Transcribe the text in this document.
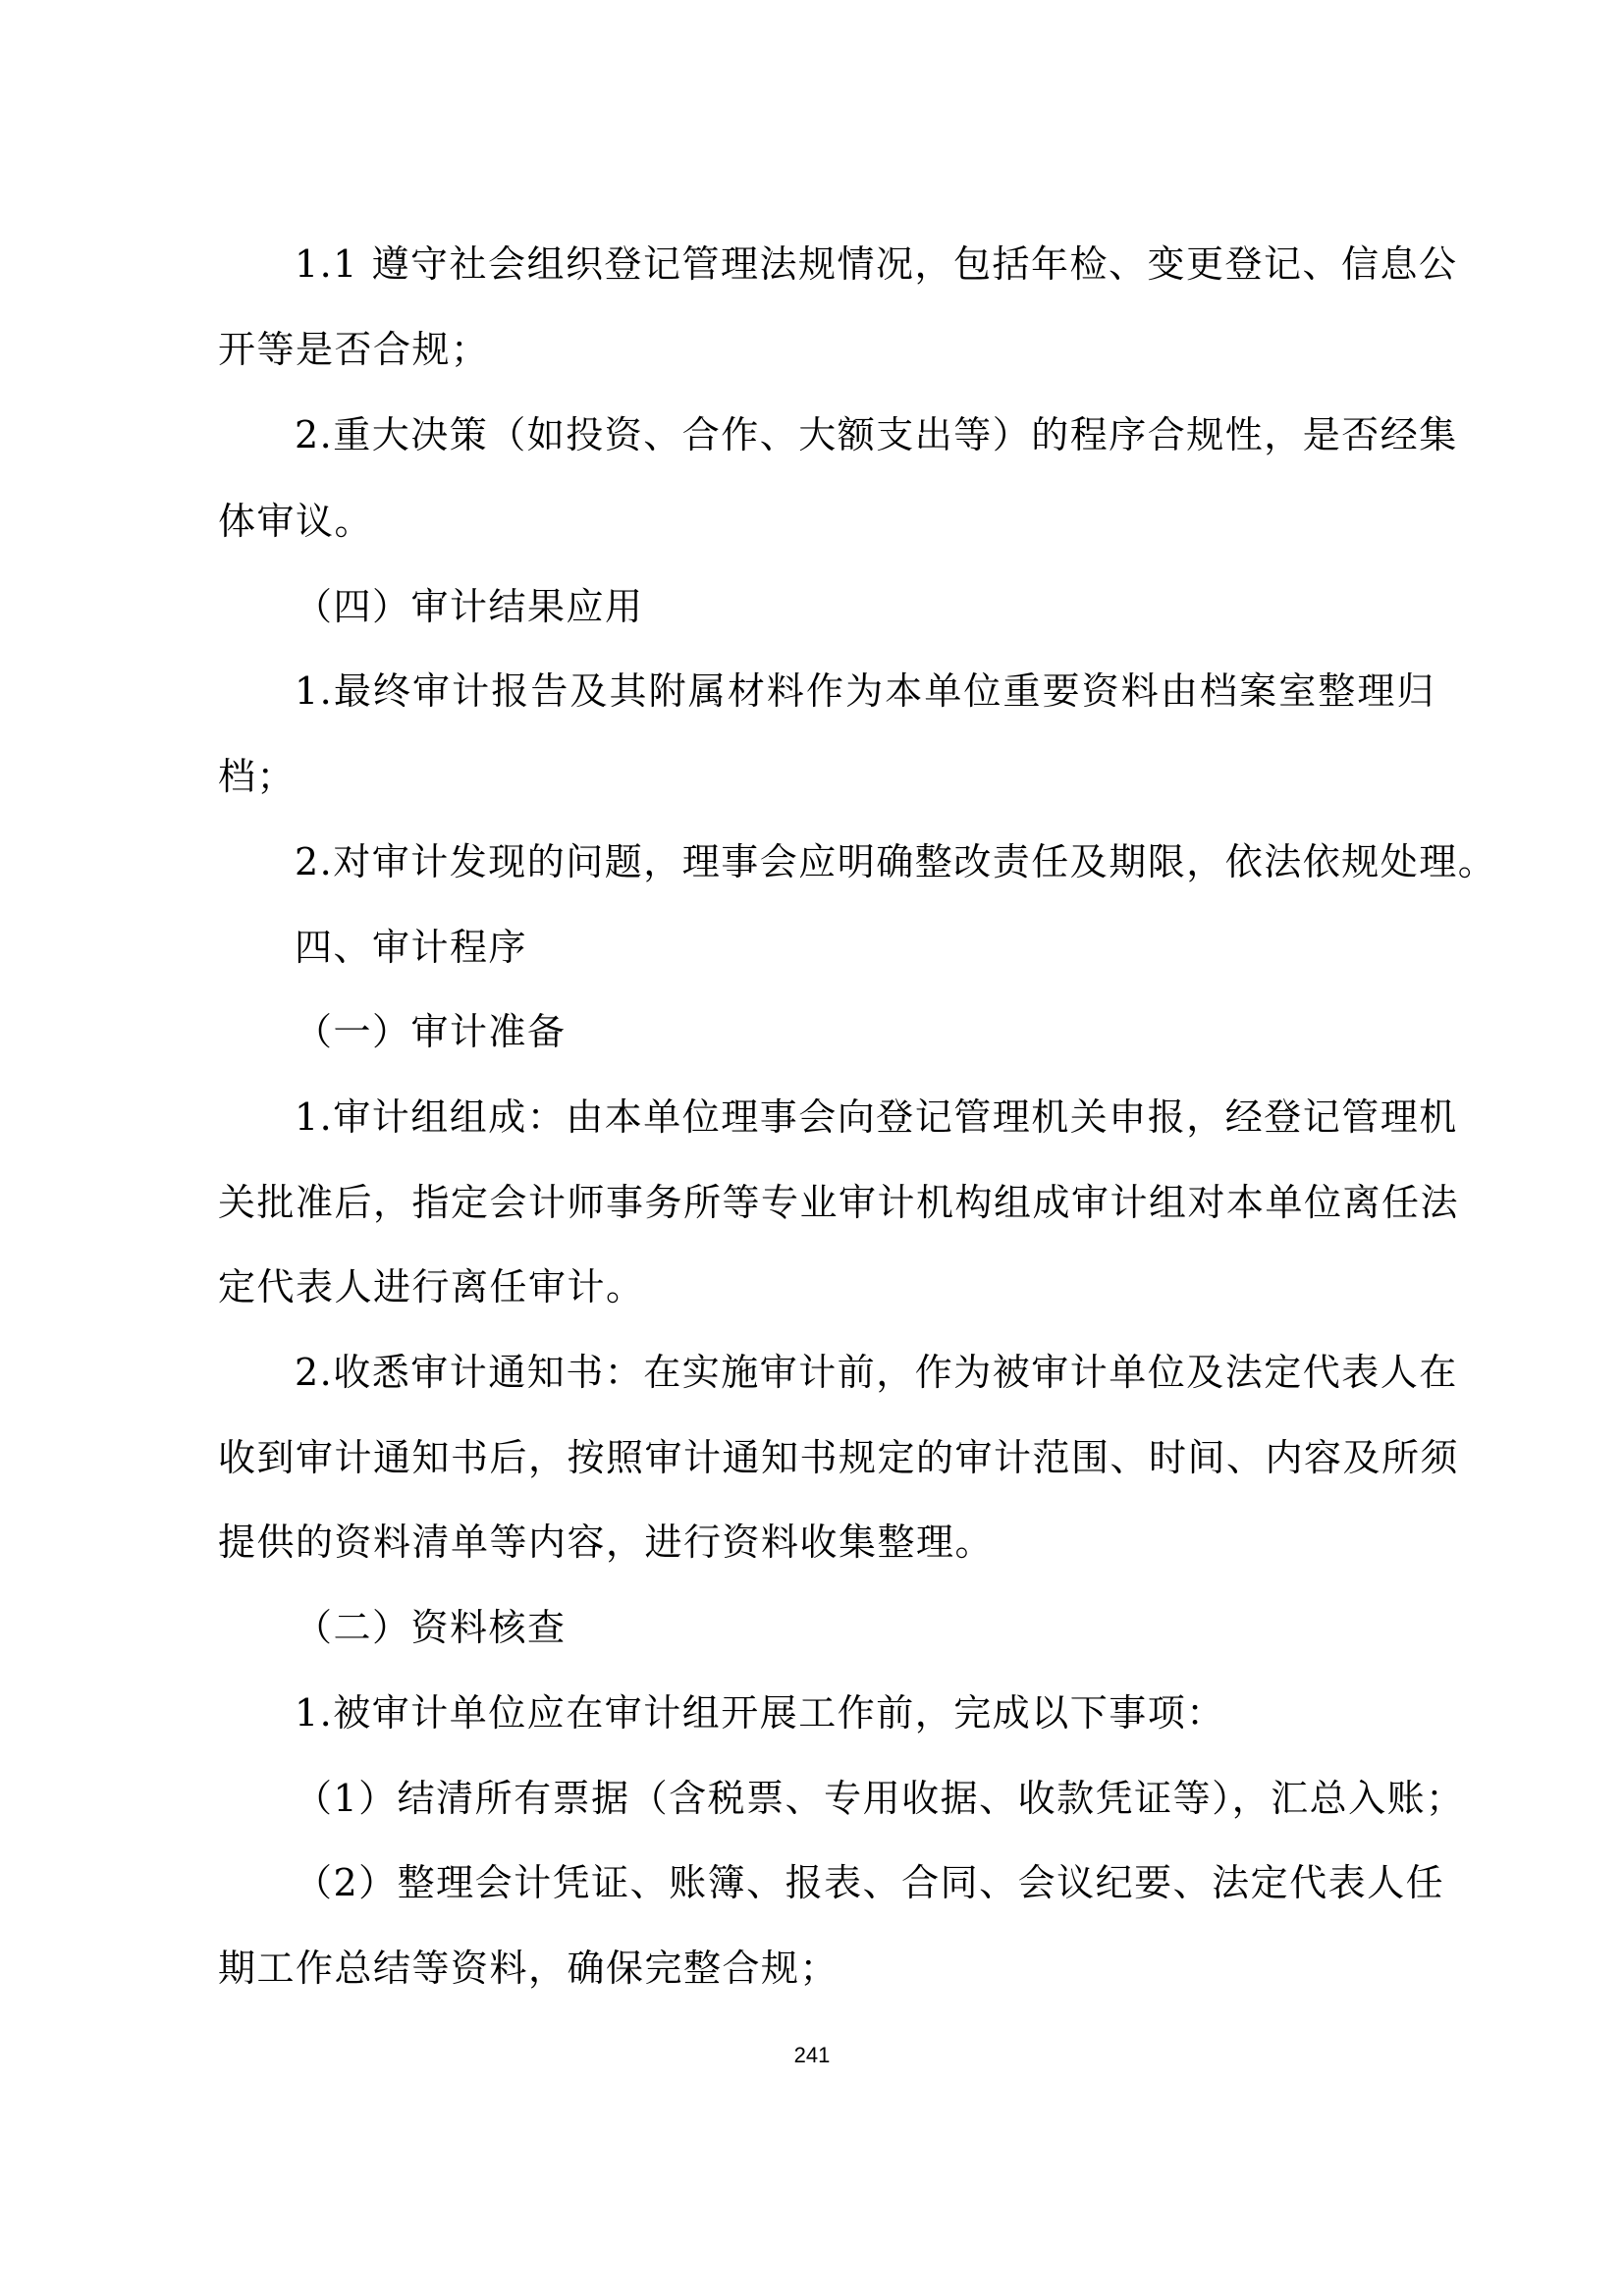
1.1 遵守社会组织登记管理法规情况，包括年检、变更登记、信息公
开等是否合规；
2.重大决策（如投资、合作、大额支出等）的程序合规性，是否经集
体审议。
（四）审计结果应用
1.最终审计报告及其附属材料作为本单位重要资料由档案室整理归
档；
2.对审计发现的问题，理事会应明确整改责任及期限，依法依规处理。
四、审计程序
（一）审计准备
1.审计组组成：由本单位理事会向登记管理机关申报，经登记管理机
关批准后，指定会计师事务所等专业审计机构组成审计组对本单位离任法
定代表人进行离任审计。
2.收悉审计通知书：在实施审计前，作为被审计单位及法定代表人在
收到审计通知书后，按照审计通知书规定的审计范围、时间、内容及所须
提供的资料清单等内容，进行资料收集整理。
（二）资料核查
1.被审计单位应在审计组开展工作前，完成以下事项：
（1）结清所有票据（含税票、专用收据、收款凭证等），汇总入账；
（2）整理会计凭证、账簿、报表、合同、会议纪要、法定代表人任
期工作总结等资料，确保完整合规；
241
